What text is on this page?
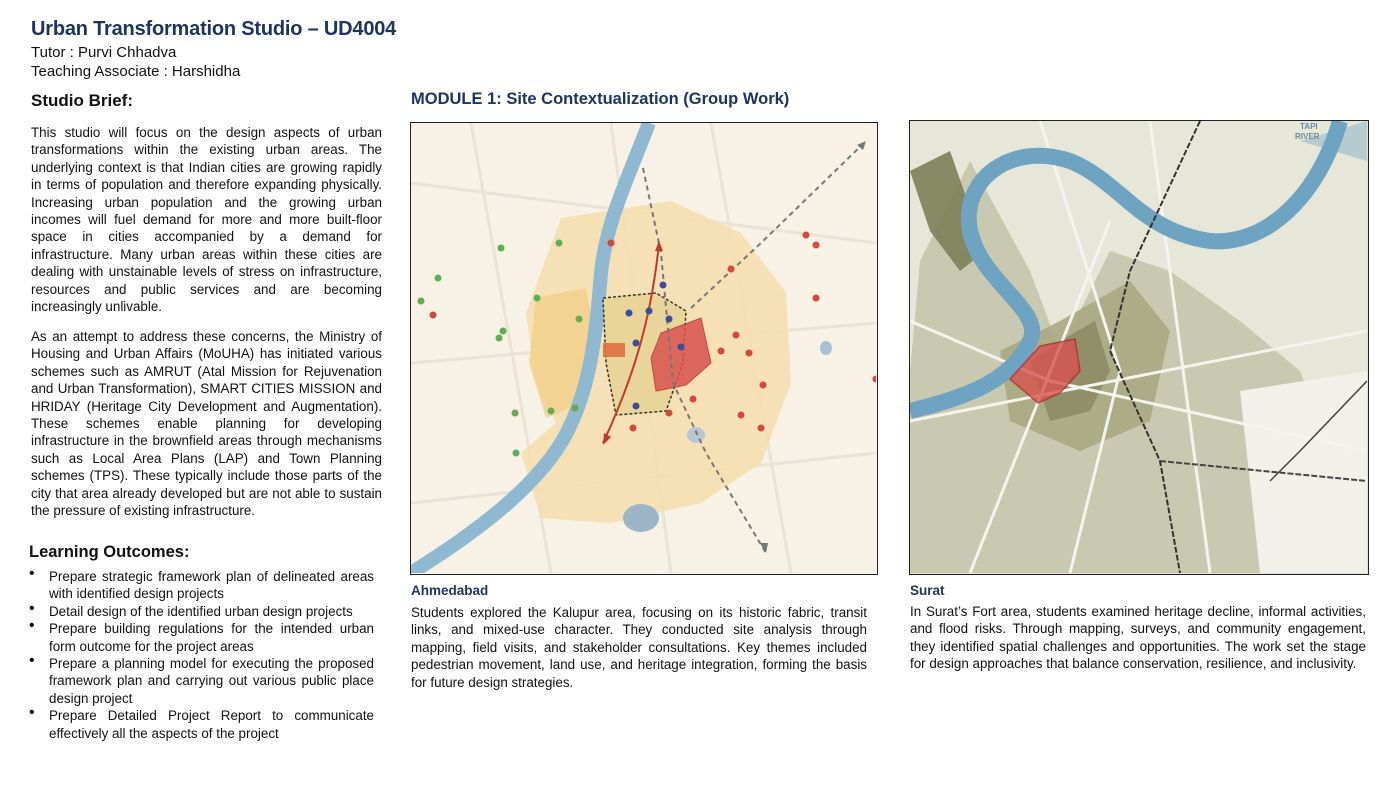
Urban Transformation Studio – UD4004
Tutor : Purvi Chhadva
Teaching Associate : Harshidha
Studio Brief:

This studio will focus on the design aspects of urban transformations within the existing urban areas. The underlying context is that Indian cities are growing rapidly in terms of population and therefore expanding physically. Increasing urban population and the growing urban incomes will fuel demand for more and more built-floor space in cities accompanied by a demand for infrastructure. Many urban areas within these cities are dealing with unstainable levels of stress on infrastructure, resources and public services and are becoming increasingly unlivable.

As an attempt to address these concerns, the Ministry of Housing and Urban Affairs (MoUHA) has initiated various schemes such as AMRUT (Atal Mission for Rejuvenation and Urban Transformation), SMART CITIES MISSION and HRIDAY (Heritage City Development and Augmentation). These schemes enable planning for developing infrastructure in the brownfield areas through mechanisms such as Local Area Plans (LAP) and Town Planning schemes (TPS). These typically include those parts of the city that area already developed but are not able to sustain the pressure of existing infrastructure.

Learning Outcomes:
• Prepare strategic framework plan of delineated areas with identified design projects
• Detail design of the identified urban design projects
• Prepare building regulations for the intended urban form outcome for the project areas
• Prepare a planning model for executing the proposed framework plan and carrying out various public place design project
• Prepare Detailed Project Report to communicate effectively all the aspects of the project
MODULE 1: Site Contextualization (Group Work)
TAPI
RIVER
Ahmedabad

Students explored the Kalupur area, focusing on its historic fabric, transit links, and mixed-use character. They conducted site analysis through mapping, field visits, and stakeholder consultations. Key themes included pedestrian movement, land use, and heritage integration, forming the basis for future design strategies.

Surat

In Surat’s Fort area, students examined heritage decline, informal activities, and flood risks. Through mapping, surveys, and community engagement, they identified spatial challenges and opportunities. The work set the stage for design approaches that balance conservation, resilience, and inclusivity.
